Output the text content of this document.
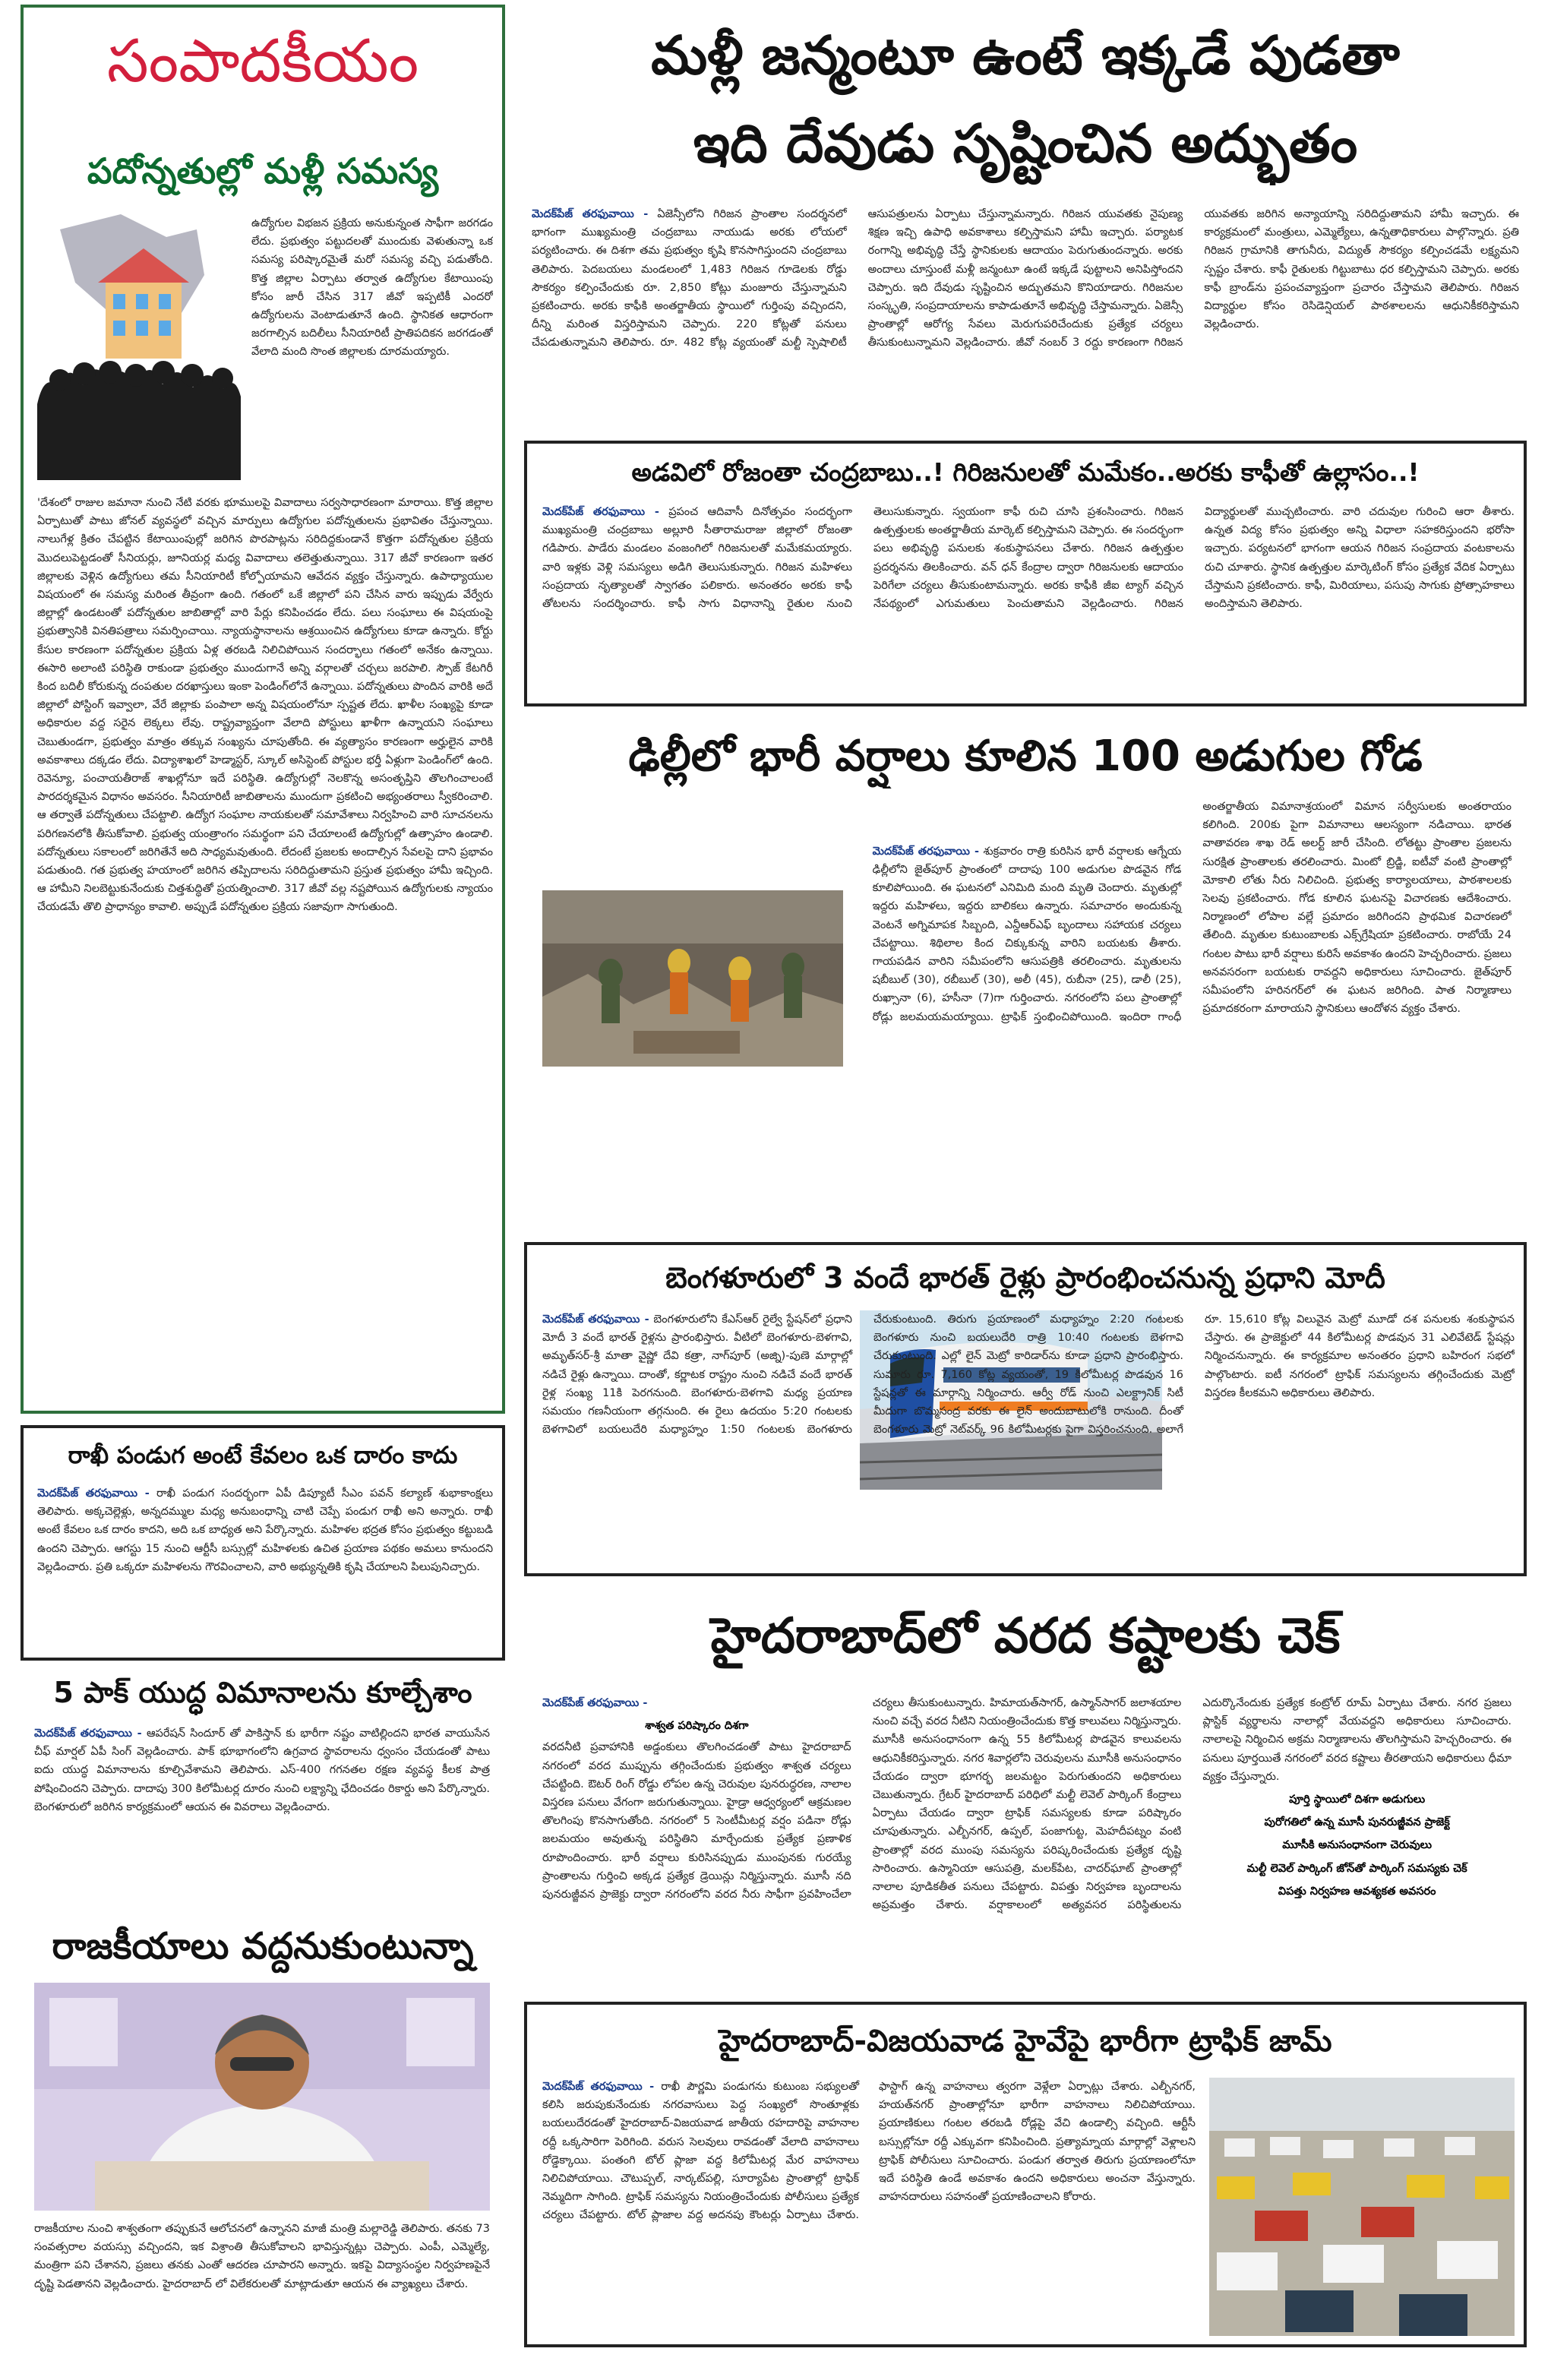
సంపాదకీయం
పదోన్నతుల్లో మళ్లీ సమస్య
ఉద్యోగుల విభజన ప్రక్రియ అనుకున్నంత సాఫీగా జరగడం లేదు. ప్రభుత్వం పట్టుదలతో ముందుకు వెళుతున్నా ఒక సమస్య పరిష్కారమైతే మరో సమస్య వచ్చి పడుతోంది. కొత్త జిల్లాల ఏర్పాటు తర్వాత ఉద్యోగుల కేటాయింపు కోసం జారీ చేసిన 317 జీవో ఇప్పటికీ ఎందరో ఉద్యోగులను వెంటాడుతూనే ఉంది. స్థానికత ఆధారంగా జరగాల్సిన బదిలీలు సీనియారిటీ ప్రాతిపదికన జరగడంతో వేలాది మంది సొంత జిల్లాలకు దూరమయ్యారు.
'దేశంలో రాజుల జమానా నుంచి నేటి వరకు భూములపై వివాదాలు సర్వసాధారణంగా మారాయి. కొత్త జిల్లాల ఏర్పాటుతో పాటు జోనల్ వ్యవస్థలో వచ్చిన మార్పులు ఉద్యోగుల పదోన్నతులను ప్రభావితం చేస్తున్నాయి. నాలుగేళ్ల క్రితం చేపట్టిన కేటాయింపుల్లో జరిగిన పొరపాట్లను సరిదిద్దకుండానే కొత్తగా పదోన్నతుల ప్రక్రియ మొదలుపెట్టడంతో సీనియర్లు, జూనియర్ల మధ్య వివాదాలు తలెత్తుతున్నాయి. 317 జీవో కారణంగా ఇతర జిల్లాలకు వెళ్లిన ఉద్యోగులు తమ సీనియారిటీ కోల్పోయామని ఆవేదన వ్యక్తం చేస్తున్నారు. ఉపాధ్యాయుల విషయంలో ఈ సమస్య మరింత తీవ్రంగా ఉంది. గతంలో ఒకే జిల్లాలో పని చేసిన వారు ఇప్పుడు వేర్వేరు జిల్లాల్లో ఉండటంతో పదోన్నతుల జాబితాల్లో వారి పేర్లు కనిపించడం లేదు. పలు సంఘాలు ఈ విషయంపై ప్రభుత్వానికి వినతిపత్రాలు సమర్పించాయి. న్యాయస్థానాలను ఆశ్రయించిన ఉద్యోగులు కూడా ఉన్నారు. కోర్టు కేసుల కారణంగా పదోన్నతుల ప్రక్రియ ఏళ్ల తరబడి నిలిచిపోయిన సందర్భాలు గతంలో అనేకం ఉన్నాయి. ఈసారి అలాంటి పరిస్థితి రాకుండా ప్రభుత్వం ముందుగానే అన్ని వర్గాలతో చర్చలు జరపాలి. స్పౌజ్ కేటగిరీ కింద బదిలీ కోరుకున్న దంపతుల దరఖాస్తులు ఇంకా పెండింగ్‌లోనే ఉన్నాయి. పదోన్నతులు పొందిన వారికి అదే జిల్లాలో పోస్టింగ్ ఇవ్వాలా, వేరే జిల్లాకు పంపాలా అన్న విషయంలోనూ స్పష్టత లేదు. ఖాళీల సంఖ్యపై కూడా అధికారుల వద్ద సరైన లెక్కలు లేవు. రాష్ట్రవ్యాప్తంగా వేలాది పోస్టులు ఖాళీగా ఉన్నాయని సంఘాలు చెబుతుండగా, ప్రభుత్వం మాత్రం తక్కువ సంఖ్యను చూపుతోంది. ఈ వ్యత్యాసం కారణంగా అర్హులైన వారికి అవకాశాలు దక్కడం లేదు. విద్యాశాఖలో హెడ్మాస్టర్, స్కూల్ అసిస్టెంట్ పోస్టుల భర్తీ ఏళ్లుగా పెండింగ్‌లో ఉంది. రెవెన్యూ, పంచాయతీరాజ్ శాఖల్లోనూ ఇదే పరిస్థితి. ఉద్యోగుల్లో నెలకొన్న అసంతృప్తిని తొలగించాలంటే పారదర్శకమైన విధానం అవసరం. సీనియారిటీ జాబితాలను ముందుగా ప్రకటించి అభ్యంతరాలు స్వీకరించాలి. ఆ తర్వాతే పదోన్నతులు చేపట్టాలి. ఉద్యోగ సంఘాల నాయకులతో సమావేశాలు నిర్వహించి వారి సూచనలను పరిగణనలోకి తీసుకోవాలి. ప్రభుత్వ యంత్రాంగం సమర్థంగా పని చేయాలంటే ఉద్యోగుల్లో ఉత్సాహం ఉండాలి. పదోన్నతులు సకాలంలో జరిగితేనే అది సాధ్యమవుతుంది. లేదంటే ప్రజలకు అందాల్సిన సేవలపై దాని ప్రభావం పడుతుంది. గత ప్రభుత్వ హయాంలో జరిగిన తప్పిదాలను సరిదిద్దుతామని ప్రస్తుత ప్రభుత్వం హామీ ఇచ్చింది. ఆ హామీని నిలబెట్టుకునేందుకు చిత్తశుద్ధితో ప్రయత్నించాలి. 317 జీవో వల్ల నష్టపోయిన ఉద్యోగులకు న్యాయం చేయడమే తొలి ప్రాధాన్యం కావాలి. అప్పుడే పదోన్నతుల ప్రక్రియ సజావుగా సాగుతుంది.
రాఖీ పండుగ అంటే కేవలం ఒక దారం కాదు
మెదక్‌పేజ్ తరఫువాయి - రాఖీ పండుగ సందర్భంగా ఏపీ డిప్యూటీ సీఎం పవన్ కల్యాణ్ శుభాకాంక్షలు తెలిపారు. అక్కచెల్లెళ్లు, అన్నదమ్ముల మధ్య అనుబంధాన్ని చాటి చెప్పే పండుగ రాఖీ అని అన్నారు. రాఖీ అంటే కేవలం ఒక దారం కాదని, అది ఒక బాధ్యత అని పేర్కొన్నారు. మహిళల భద్రత కోసం ప్రభుత్వం కట్టుబడి ఉందని చెప్పారు. ఆగస్టు 15 నుంచి ఆర్టీసీ బస్సుల్లో మహిళలకు ఉచిత ప్రయాణ పథకం అమలు కానుందని వెల్లడించారు. ప్రతి ఒక్కరూ మహిళలను గౌరవించాలని, వారి అభ్యున్నతికి కృషి చేయాలని పిలుపునిచ్చారు.
5 పాక్ యుద్ధ విమానాలను కూల్చేశాం
మెదక్‌పేజ్ తరఫువాయి - ఆపరేషన్ సిందూర్ తో పాకిస్తాన్ కు భారీగా నష్టం వాటిల్లిందని భారత వాయుసేన చీఫ్ మార్షల్ ఏపీ సింగ్ వెల్లడించారు. పాక్ భూభాగంలోని ఉగ్రవాద స్థావరాలను ధ్వంసం చేయడంతో పాటు ఐదు యుద్ధ విమానాలను కూల్చివేశామని తెలిపారు. ఎస్-400 గగనతల రక్షణ వ్యవస్థ కీలక పాత్ర పోషించిందని చెప్పారు. దాదాపు 300 కిలోమీటర్ల దూరం నుంచి లక్ష్యాన్ని ఛేదించడం రికార్డు అని పేర్కొన్నారు. బెంగళూరులో జరిగిన కార్యక్రమంలో ఆయన ఈ వివరాలు వెల్లడించారు.
రాజకీయాలు వద్దనుకుంటున్నా
రాజకీయాల నుంచి శాశ్వతంగా తప్పుకునే ఆలోచనలో ఉన్నానని మాజీ మంత్రి మల్లారెడ్డి తెలిపారు. తనకు 73 సంవత్సరాల వయస్సు వచ్చిందని, ఇక విశ్రాంతి తీసుకోవాలని భావిస్తున్నట్లు చెప్పారు. ఎంపీ, ఎమ్మెల్యే, మంత్రిగా పని చేశానని, ప్రజలు తనకు ఎంతో ఆదరణ చూపారని అన్నారు. ఇకపై విద్యాసంస్థల నిర్వహణపైనే దృష్టి పెడతానని వెల్లడించారు. హైదరాబాద్ లో విలేకరులతో మాట్లాడుతూ ఆయన ఈ వ్యాఖ్యలు చేశారు.
మళ్లీ జన్మంటూ ఉంటే ఇక్కడే పుడతా
ఇది దేవుడు సృష్టించిన అద్భుతం
మెదక్‌పేజ్ తరఫువాయి - ఏజెన్సీలోని గిరిజన ప్రాంతాల సందర్శనలో భాగంగా ముఖ్యమంత్రి చంద్రబాబు నాయుడు అరకు లోయలో పర్యటించారు. ఈ దిశగా తమ ప్రభుత్వం కృషి కొనసాగిస్తుందని చంద్రబాబు తెలిపారు. పెదబయలు మండలంలో 1,483 గిరిజన గూడెలకు రోడ్డు సౌకర్యం కల్పించేందుకు రూ. 2,850 కోట్లు మంజూరు చేస్తున్నామని ప్రకటించారు. అరకు కాఫీకి అంతర్జాతీయ స్థాయిలో గుర్తింపు వచ్చిందని, దీన్ని మరింత విస్తరిస్తామని చెప్పారు. 220 కోట్లతో పనులు చేపడుతున్నామని తెలిపారు. రూ. 482 కోట్ల వ్యయంతో మల్టీ స్పెషాలిటీ ఆసుపత్రులను ఏర్పాటు చేస్తున్నామన్నారు. గిరిజన యువతకు నైపుణ్య శిక్షణ ఇచ్చి ఉపాధి అవకాశాలు కల్పిస్తామని హామీ ఇచ్చారు. పర్యాటక రంగాన్ని అభివృద్ధి చేస్తే స్థానికులకు ఆదాయం పెరుగుతుందన్నారు. అరకు అందాలు చూస్తుంటే మళ్లీ జన్మంటూ ఉంటే ఇక్కడే పుట్టాలని అనిపిస్తోందని చెప్పారు. ఇది దేవుడు సృష్టించిన అద్భుతమని కొనియాడారు. గిరిజనుల సంస్కృతి, సంప్రదాయాలను కాపాడుతూనే అభివృద్ధి చేస్తామన్నారు. ఏజెన్సీ ప్రాంతాల్లో ఆరోగ్య సేవలు మెరుగుపరిచేందుకు ప్రత్యేక చర్యలు తీసుకుంటున్నామని వెల్లడించారు. జీవో నంబర్ 3 రద్దు కారణంగా గిరిజన యువతకు జరిగిన అన్యాయాన్ని సరిదిద్దుతామని హామీ ఇచ్చారు. ఈ కార్యక్రమంలో మంత్రులు, ఎమ్మెల్యేలు, ఉన్నతాధికారులు పాల్గొన్నారు. ప్రతి గిరిజన గ్రామానికి తాగునీరు, విద్యుత్ సౌకర్యం కల్పించడమే లక్ష్యమని స్పష్టం చేశారు. కాఫీ రైతులకు గిట్టుబాటు ధర కల్పిస్తామని చెప్పారు. అరకు కాఫీ బ్రాండ్‌ను ప్రపంచవ్యాప్తంగా ప్రచారం చేస్తామని తెలిపారు. గిరిజన విద్యార్థుల కోసం రెసిడెన్షియల్ పాఠశాలలను ఆధునికీకరిస్తామని వెల్లడించారు.
అడవిలో రోజంతా చంద్రబాబు..! గిరిజనులతో మమేకం..అరకు కాఫీతో ఉల్లాసం..!
మెదక్‌పేజ్ తరఫువాయి - ప్రపంచ ఆదివాసీ దినోత్సవం సందర్భంగా ముఖ్యమంత్రి చంద్రబాబు అల్లూరి సీతారామరాజు జిల్లాలో రోజంతా గడిపారు. పాడేరు మండలం వంజంగిలో గిరిజనులతో మమేకమయ్యారు. వారి ఇళ్లకు వెళ్లి సమస్యలు అడిగి తెలుసుకున్నారు. గిరిజన మహిళలు సంప్రదాయ నృత్యాలతో స్వాగతం పలికారు. అనంతరం అరకు కాఫీ తోటలను సందర్శించారు. కాఫీ సాగు విధానాన్ని రైతుల నుంచి తెలుసుకున్నారు. స్వయంగా కాఫీ రుచి చూసి ప్రశంసించారు. గిరిజన ఉత్పత్తులకు అంతర్జాతీయ మార్కెట్ కల్పిస్తామని చెప్పారు. ఈ సందర్భంగా పలు అభివృద్ధి పనులకు శంకుస్థాపనలు చేశారు. గిరిజన ఉత్పత్తుల ప్రదర్శనను తిలకించారు. వన్ ధన్ కేంద్రాల ద్వారా గిరిజనులకు ఆదాయం పెరిగేలా చర్యలు తీసుకుంటామన్నారు. అరకు కాఫీకి జీఐ ట్యాగ్ వచ్చిన నేపథ్యంలో ఎగుమతులు పెంచుతామని వెల్లడించారు. గిరిజన విద్యార్థులతో ముచ్చటించారు. వారి చదువుల గురించి ఆరా తీశారు. ఉన్నత విద్య కోసం ప్రభుత్వం అన్ని విధాలా సహకరిస్తుందని భరోసా ఇచ్చారు. పర్యటనలో భాగంగా ఆయన గిరిజన సంప్రదాయ వంటకాలను రుచి చూశారు. స్థానిక ఉత్పత్తుల మార్కెటింగ్ కోసం ప్రత్యేక వేదిక ఏర్పాటు చేస్తామని ప్రకటించారు. కాఫీ, మిరియాలు, పసుపు సాగుకు ప్రోత్సాహకాలు అందిస్తామని తెలిపారు.
ఢిల్లీలో భారీ వర్షాలు కూలిన 100 అడుగుల గోడ
మెదక్‌పేజ్ తరఫువాయి - శుక్రవారం రాత్రి కురిసిన భారీ వర్షాలకు ఆగ్నేయ ఢిల్లీలోని జైత్‌పూర్ ప్రాంతంలో దాదాపు 100 అడుగుల పొడవైన గోడ కూలిపోయింది. ఈ ఘటనలో ఎనిమిది మంది మృతి చెందారు. మృతుల్లో ఇద్దరు మహిళలు, ఇద్దరు బాలికలు ఉన్నారు. సమాచారం అందుకున్న వెంటనే అగ్నిమాపక సిబ్బంది, ఎన్డీఆర్ఎఫ్ బృందాలు సహాయక చర్యలు చేపట్టాయి. శిథిలాల కింద చిక్కుకున్న వారిని బయటకు తీశారు. గాయపడిన వారిని సమీపంలోని ఆసుపత్రికి తరలించారు. మృతులను షబీబుల్ (30), రబీబుల్ (30), అలీ (45), రుబీనా (25), డాలీ (25), రుఖ్సానా (6), హసీనా (7)గా గుర్తించారు. నగరంలోని పలు ప్రాంతాల్లో రోడ్లు జలమయమయ్యాయి. ట్రాఫిక్ స్తంభించిపోయింది. ఇందిరా గాంధీ అంతర్జాతీయ విమానాశ్రయంలో విమాన సర్వీసులకు అంతరాయం కలిగింది. 200కు పైగా విమానాలు ఆలస్యంగా నడిచాయి. భారత వాతావరణ శాఖ రెడ్ అలర్ట్ జారీ చేసింది. లోతట్టు ప్రాంతాల ప్రజలను సురక్షిత ప్రాంతాలకు తరలించారు. మింటో బ్రిడ్జి, ఐటీవో వంటి ప్రాంతాల్లో మోకాలి లోతు నీరు నిలిచింది. ప్రభుత్వ కార్యాలయాలు, పాఠశాలలకు సెలవు ప్రకటించారు. గోడ కూలిన ఘటనపై విచారణకు ఆదేశించారు. నిర్మాణంలో లోపాల వల్లే ప్రమాదం జరిగిందని ప్రాథమిక విచారణలో తేలింది. మృతుల కుటుంబాలకు ఎక్స్‌గ్రేషియా ప్రకటించారు. రాబోయే 24 గంటల పాటు భారీ వర్షాలు కురిసే అవకాశం ఉందని హెచ్చరించారు. ప్రజలు అనవసరంగా బయటకు రావద్దని అధికారులు సూచించారు. జైత్‌పూర్ సమీపంలోని హరినగర్‌లో ఈ ఘటన జరిగింది. పాత నిర్మాణాలు ప్రమాదకరంగా మారాయని స్థానికులు ఆందోళన వ్యక్తం చేశారు.
బెంగళూరులో 3 వందే భారత్ రైళ్లు ప్రారంభించనున్న ప్రధాని మోదీ
మెదక్‌పేజ్ తరఫువాయి - బెంగళూరులోని కేఎస్ఆర్ రైల్వే స్టేషన్‌లో ప్రధాని మోదీ 3 వందే భారత్ రైళ్లను ప్రారంభిస్తారు. వీటిలో బెంగళూరు-బెళగావి, అమృత్‌సర్-శ్రీ మాతా వైష్ణో దేవి కత్రా, నాగ్‌పూర్ (అజ్ని)-పుణె మార్గాల్లో నడిచే రైళ్లు ఉన్నాయి. దాంతో, కర్ణాటక రాష్ట్రం నుంచి నడిచే వందే భారత్ రైళ్ల సంఖ్య 11కి పెరగనుంది. బెంగళూరు-బెళగావి మధ్య ప్రయాణ సమయం గణనీయంగా తగ్గనుంది. ఈ రైలు ఉదయం 5:20 గంటలకు బెళగావిలో బయలుదేరి మధ్యాహ్నం 1:50 గంటలకు బెంగళూరు చేరుకుంటుంది. తిరుగు ప్రయాణంలో మధ్యాహ్నం 2:20 గంటలకు బెంగళూరు నుంచి బయలుదేరి రాత్రి 10:40 గంటలకు బెళగావి చేరుకుంటుంది. ఎల్లో లైన్ మెట్రో కారిడార్‌ను కూడా ప్రధాని ప్రారంభిస్తారు. సుమారు రూ. 7,160 కోట్ల వ్యయంతో, 19 కిలోమీటర్ల పొడవున 16 స్టేషన్లతో ఈ మార్గాన్ని నిర్మించారు. ఆర్వీ రోడ్ నుంచి ఎలక్ట్రానిక్ సిటీ మీదుగా బొమ్మసంద్ర వరకు ఈ లైన్ అందుబాటులోకి రానుంది. దీంతో బెంగళూరు మెట్రో నెట్‌వర్క్ 96 కిలోమీటర్లకు పైగా విస్తరించనుంది. అలాగే రూ. 15,610 కోట్ల విలువైన మెట్రో మూడో దశ పనులకు శంకుస్థాపన చేస్తారు. ఈ ప్రాజెక్టులో 44 కిలోమీటర్ల పొడవున 31 ఎలివేటెడ్ స్టేషన్లు నిర్మించనున్నారు. ఈ కార్యక్రమాల అనంతరం ప్రధాని బహిరంగ సభలో పాల్గొంటారు. ఐటీ నగరంలో ట్రాఫిక్ సమస్యలను తగ్గించేందుకు మెట్రో విస్తరణ కీలకమని అధికారులు తెలిపారు.
హైదరాబాద్‌లో వరద కష్టాలకు చెక్
మెదక్‌పేజ్ తరఫువాయి -
శాశ్వత పరిష్కారం దిశగా
వరదనీటి ప్రవాహానికి అడ్డంకులు తొలగించడంతో పాటు హైదరాబాద్ నగరంలో వరద ముప్పును తగ్గించేందుకు ప్రభుత్వం శాశ్వత చర్యలు చేపట్టింది. ఔటర్ రింగ్ రోడ్డు లోపల ఉన్న చెరువుల పునరుద్ధరణ, నాలాల విస్తరణ పనులు వేగంగా జరుగుతున్నాయి. హైడ్రా ఆధ్వర్యంలో ఆక్రమణల తొలగింపు కొనసాగుతోంది. నగరంలో 5 సెంటీమీటర్ల వర్షం పడినా రోడ్లు జలమయం అవుతున్న పరిస్థితిని మార్చేందుకు ప్రత్యేక ప్రణాళిక రూపొందించారు. భారీ వర్షాలు కురిసినప్పుడు ముంపునకు గురయ్యే ప్రాంతాలను గుర్తించి అక్కడ ప్రత్యేక డ్రెయిన్లు నిర్మిస్తున్నారు. మూసీ నది పునరుజ్జీవన ప్రాజెక్టు ద్వారా నగరంలోని వరద నీరు సాఫీగా ప్రవహించేలా చర్యలు తీసుకుంటున్నారు. హిమాయత్‌సాగర్, ఉస్మాన్‌సాగర్ జలాశయాల నుంచి వచ్చే వరద నీటిని నియంత్రించేందుకు కొత్త కాలువలు నిర్మిస్తున్నారు. మూసీకి అనుసంధానంగా ఉన్న 55 కిలోమీటర్ల పొడవైన కాలువలను ఆధునికీకరిస్తున్నారు. నగర శివార్లలోని చెరువులను మూసీకి అనుసంధానం చేయడం ద్వారా భూగర్భ జలమట్టం పెరుగుతుందని అధికారులు చెబుతున్నారు. గ్రేటర్ హైదరాబాద్ పరిధిలో మల్టీ లెవెల్ పార్కింగ్ కేంద్రాలు ఏర్పాటు చేయడం ద్వారా ట్రాఫిక్ సమస్యలకు కూడా పరిష్కారం చూపుతున్నారు. ఎల్బీనగర్, ఉప్పల్, పంజాగుట్ట, మెహదీపట్నం వంటి ప్రాంతాల్లో వరద ముంపు సమస్యను పరిష్కరించేందుకు ప్రత్యేక దృష్టి సారించారు. ఉస్మానియా ఆసుపత్రి, మలక్‌పేట, చాదర్‌ఘాట్ ప్రాంతాల్లో నాలాల పూడికతీత పనులు చేపట్టారు. విపత్తు నిర్వహణ బృందాలను అప్రమత్తం చేశారు. వర్షాకాలంలో అత్యవసర పరిస్థితులను ఎదుర్కొనేందుకు ప్రత్యేక కంట్రోల్ రూమ్ ఏర్పాటు చేశారు. నగర ప్రజలు ప్లాస్టిక్ వ్యర్థాలను నాలాల్లో వేయవద్దని అధికారులు సూచించారు. నాలాలపై నిర్మించిన అక్రమ నిర్మాణాలను తొలగిస్తామని హెచ్చరించారు. ఈ పనులు పూర్తయితే నగరంలో వరద కష్టాలు తీరతాయని అధికారులు ధీమా వ్యక్తం చేస్తున్నారు.
పూర్తి స్థాయిలో దిశగా అడుగులు
పురోగతిలో ఉన్న మూసీ పునరుజ్జీవన ప్రాజెక్ట్
మూసీకి అనుసంధానంగా చెరువులు
మల్టీ లెవెల్ పార్కింగ్ జోన్‌తో పార్కింగ్ సమస్యకు చెక్
విపత్తు నిర్వహణ ఆవశ్యకత అవసరం
హైదరాబాద్-విజయవాడ హైవేపై భారీగా ట్రాఫిక్ జామ్
మెదక్‌పేజ్ తరఫువాయి - రాఖీ పౌర్ణమి పండుగను కుటుంబ సభ్యులతో కలిసి జరుపుకునేందుకు నగరవాసులు పెద్ద సంఖ్యలో సొంతూళ్లకు బయలుదేరడంతో హైదరాబాద్-విజయవాడ జాతీయ రహదారిపై వాహనాల రద్దీ ఒక్కసారిగా పెరిగింది. వరుస సెలవులు రావడంతో వేలాది వాహనాలు రోడ్డెక్కాయి. పంతంగి టోల్ ప్లాజా వద్ద కిలోమీటర్ల మేర వాహనాలు నిలిచిపోయాయి. చౌటుప్పల్, నార్కట్‌పల్లి, సూర్యాపేట ప్రాంతాల్లో ట్రాఫిక్ నెమ్మదిగా సాగింది. ట్రాఫిక్ సమస్యను నియంత్రించేందుకు పోలీసులు ప్రత్యేక చర్యలు చేపట్టారు. టోల్ ప్లాజాల వద్ద అదనపు కౌంటర్లు ఏర్పాటు చేశారు. ఫాస్టాగ్ ఉన్న వాహనాలు త్వరగా వెళ్లేలా ఏర్పాట్లు చేశారు. ఎల్బీనగర్, హయత్‌నగర్ ప్రాంతాల్లోనూ భారీగా వాహనాలు నిలిచిపోయాయి. ప్రయాణికులు గంటల తరబడి రోడ్లపై వేచి ఉండాల్సి వచ్చింది. ఆర్టీసీ బస్సుల్లోనూ రద్దీ ఎక్కువగా కనిపించింది. ప్రత్యామ్నాయ మార్గాల్లో వెళ్లాలని ట్రాఫిక్ పోలీసులు సూచించారు. పండుగ తర్వాత తిరుగు ప్రయాణంలోనూ ఇదే పరిస్థితి ఉండే అవకాశం ఉందని అధికారులు అంచనా వేస్తున్నారు. వాహనదారులు సహనంతో ప్రయాణించాలని కోరారు.
